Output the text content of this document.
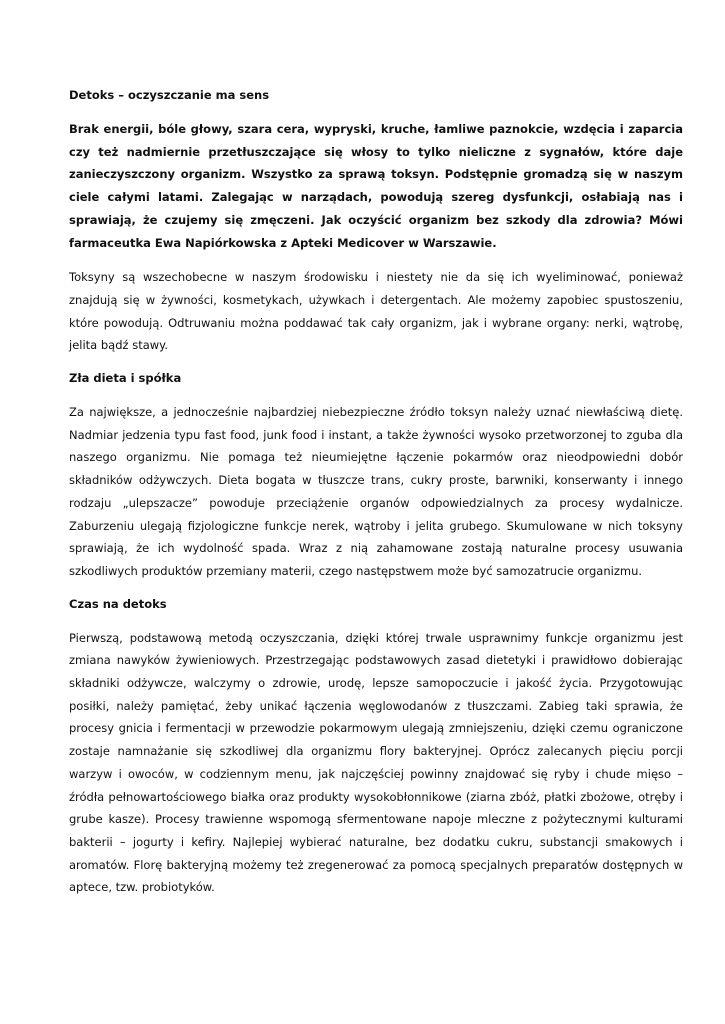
Detoks – oczyszczanie ma sens

Brak energii, bóle głowy, szara cera, wypryski, kruche, łamliwe paznokcie, wzdęcia i zaparcia czy też nadmiernie przetłuszczające się włosy to tylko nieliczne z sygnałów, które daje zanieczyszczony organizm. Wszystko za sprawą toksyn. Podstępnie gromadzą się w naszym ciele całymi latami. Zalegając w narządach, powodują szereg dysfunkcji, osłabiają nas i sprawiają, że czujemy się zmęczeni. Jak oczyścić organizm bez szkody dla zdrowia? Mówi farmaceutka Ewa Napiórkowska z Apteki Medicover w Warszawie.

Toksyny są wszechobecne w naszym środowisku i niestety nie da się ich wyeliminować, ponieważ znajdują się w żywności, kosmetykach, używkach i detergentach. Ale możemy zapobiec spustoszeniu, które powodują. Odtruwaniu można poddawać tak cały organizm, jak i wybrane organy: nerki, wątrobę, jelita bądź stawy.

Zła dieta i spółka

Za największe, a jednocześnie najbardziej niebezpieczne źródło toksyn należy uznać niewłaściwą dietę. Nadmiar jedzenia typu fast food, junk food i instant, a także żywności wysoko przetworzonej to zguba dla naszego organizmu. Nie pomaga też nieumiejętne łączenie pokarmów oraz nieodpowiedni dobór składników odżywczych. Dieta bogata w tłuszcze trans, cukry proste, barwniki, konserwanty i innego rodzaju „ulepszacze” powoduje przeciążenie organów odpowiedzialnych za procesy wydalnicze. Zaburzeniu ulegają fizjologiczne funkcje nerek, wątroby i jelita grubego. Skumulowane w nich toksyny sprawiają, że ich wydolność spada. Wraz z nią zahamowane zostają naturalne procesy usuwania szkodliwych produktów przemiany materii, czego następstwem może być samozatrucie organizmu.

Czas na detoks

Pierwszą, podstawową metodą oczyszczania, dzięki której trwale usprawnimy funkcje organizmu jest zmiana nawyków żywieniowych. Przestrzegając podstawowych zasad dietetyki i prawidłowo dobierając składniki odżywcze, walczymy o zdrowie, urodę, lepsze samopoczucie i jakość życia. Przygotowując posiłki, należy pamiętać, żeby unikać łączenia węglowodanów z tłuszczami. Zabieg taki sprawia, że procesy gnicia i fermentacji w przewodzie pokarmowym ulegają zmniejszeniu, dzięki czemu ograniczone zostaje namnażanie się szkodliwej dla organizmu flory bakteryjnej. Oprócz zalecanych pięciu porcji warzyw i owoców, w codziennym menu, jak najczęściej powinny znajdować się ryby i chude mięso – źródła pełnowartościowego białka oraz produkty wysokobłonnikowe (ziarna zbóż, płatki zbożowe, otręby i grube kasze). Procesy trawienne wspomogą sfermentowane napoje mleczne z pożytecznymi kulturami bakterii – jogurty i kefiry. Najlepiej wybierać naturalne, bez dodatku cukru, substancji smakowych i aromatów. Florę bakteryjną możemy też zregenerować za pomocą specjalnych preparatów dostępnych w aptece, tzw. probiotyków.
